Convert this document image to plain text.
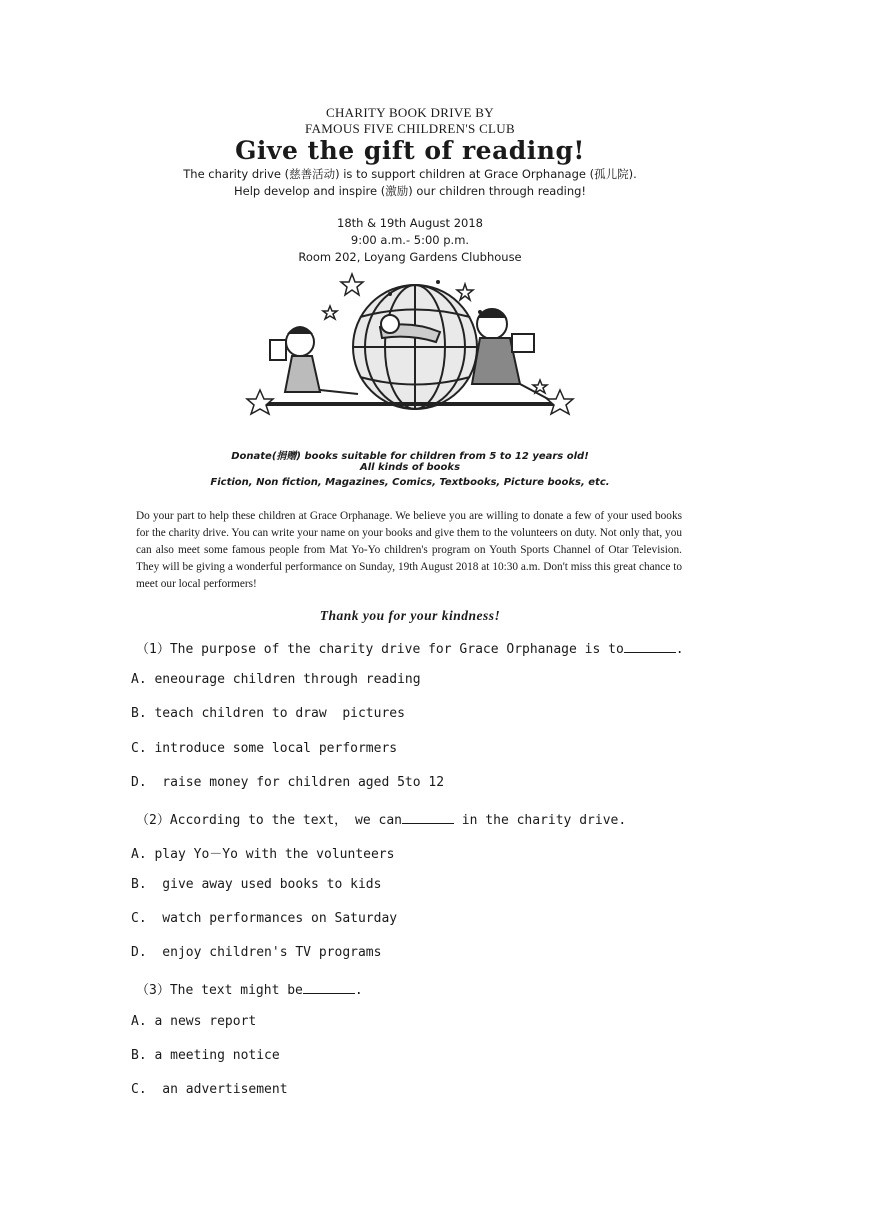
CHARITY BOOK DRIVE BY
FAMOUS FIVE CHILDREN'S CLUB
Give the gift of reading!
The charity drive (慈善活动) is to support children at Grace Orphanage (孤儿院).
Help develop and inspire (激励) our children through reading!
18th & 19th August 2018
9:00 a.m.- 5:00 p.m.
Room 202, Loyang Gardens Clubhouse
Donate(捐赠) books suitable for children from 5 to 12 years old!
All kinds of books
Fiction, Non fiction, Magazines, Comics, Textbooks, Picture books, etc.

Do your part to help these children at Grace Orphanage. We believe you are willing to donate a few of your used books for the charity drive. You can write your name on your books and give them to the volunteers on duty. Not only that, you can also meet some famous people from Mat Yo-Yo children's program on Youth Sports Channel of Otar Television. They will be giving a wonderful performance on Sunday, 19th August 2018 at 10:30 a.m. Don't miss this great chance to meet our local performers!

Thank you for your kindness!
（1）The purpose of the charity drive for Grace Orphanage is to	.
A. eneourage children through reading
B. teach children to draw  pictures
C. introduce some local performers
D.  raise money for children aged 5to 12
（2）According to the text， we can	in the charity drive.
A. play Yo－Yo with the volunteers
B.  give away used books to kids
C.  watch performances on Saturday
D.  enjoy children's TV programs
（3）The text might be	.
A. a news report
B. a meeting notice
C.  an advertisement
